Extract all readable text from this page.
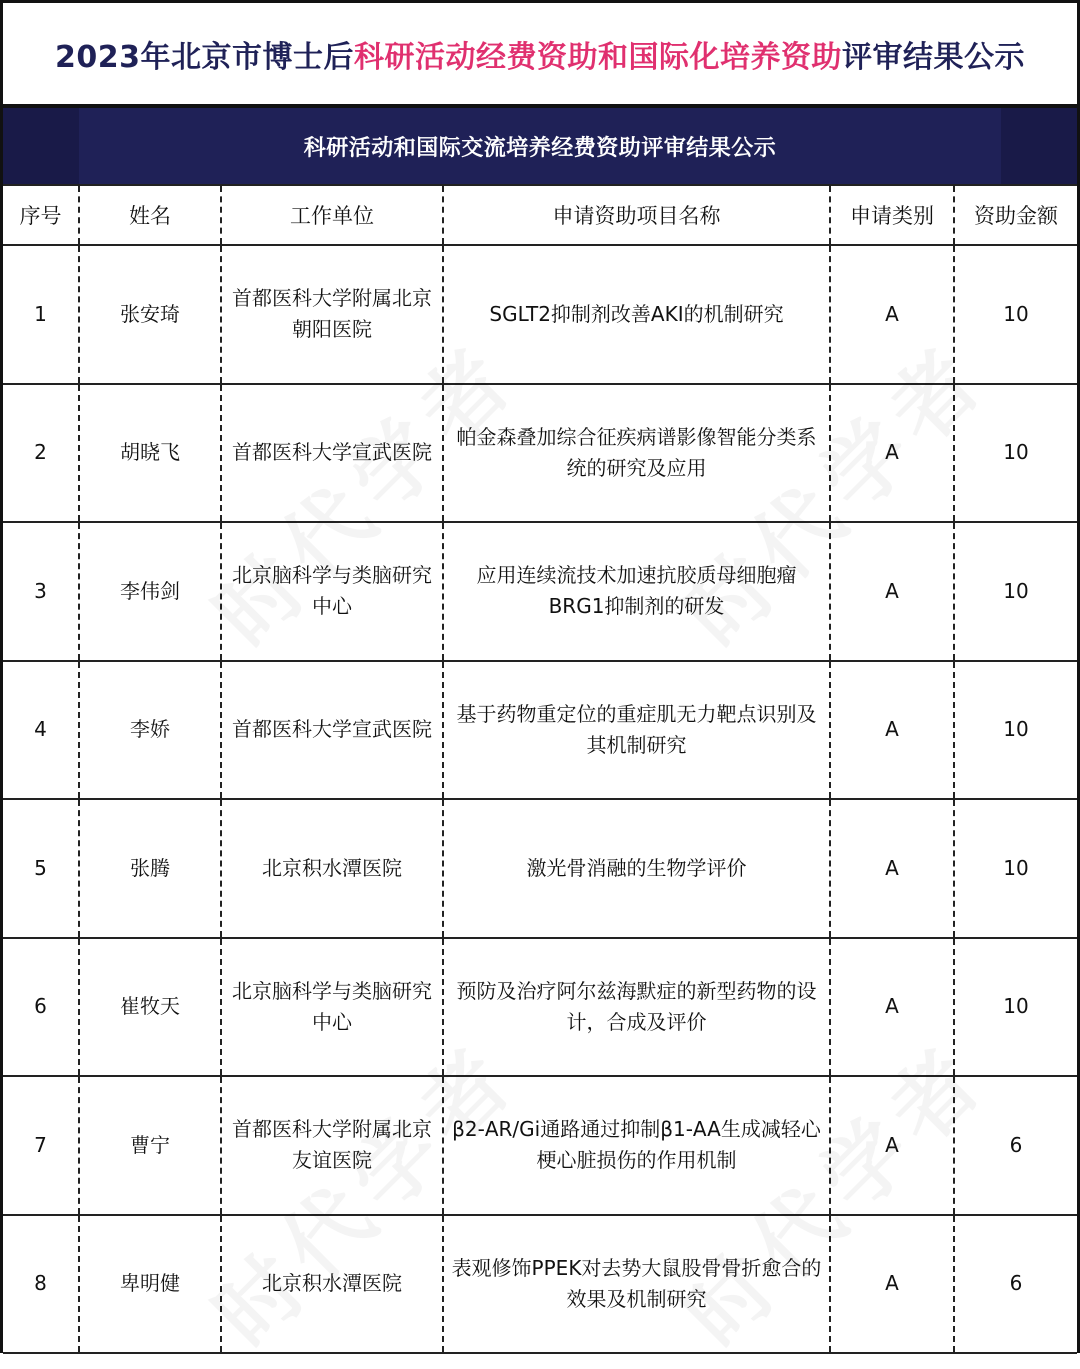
2023年北京市博士后科研活动经费资助和国际化培养资助评审结果公示
科研活动和国际交流培养经费资助评审结果公示
序号	姓名	工作单位	申请资助项目名称	申请类别	资助金额
1	张安琦	首都医科大学附属北京朝阳医院	SGLT2抑制剂改善AKI的机制研究	A	10
2	胡晓飞	首都医科大学宣武医院	帕金森叠加综合征疾病谱影像智能分类系统的研究及应用	A	10
3	李伟剑	北京脑科学与类脑研究中心	应用连续流技术加速抗胶质母细胞瘤BRG1抑制剂的研发	A	10
4	李娇	首都医科大学宣武医院	基于药物重定位的重症肌无力靶点识别及其机制研究	A	10
5	张腾	北京积水潭医院	激光骨消融的生物学评价	A	10
6	崔牧天	北京脑科学与类脑研究中心	预防及治疗阿尔兹海默症的新型药物的设计，合成及评价	A	10
7	曹宁	首都医科大学附属北京友谊医院	β2-AR/Gi通路通过抑制β1-AA生成减轻心梗心脏损伤的作用机制	A	6
8	卑明健	北京积水潭医院	表观修饰PPEK对去势大鼠股骨骨折愈合的效果及机制研究	A	6
